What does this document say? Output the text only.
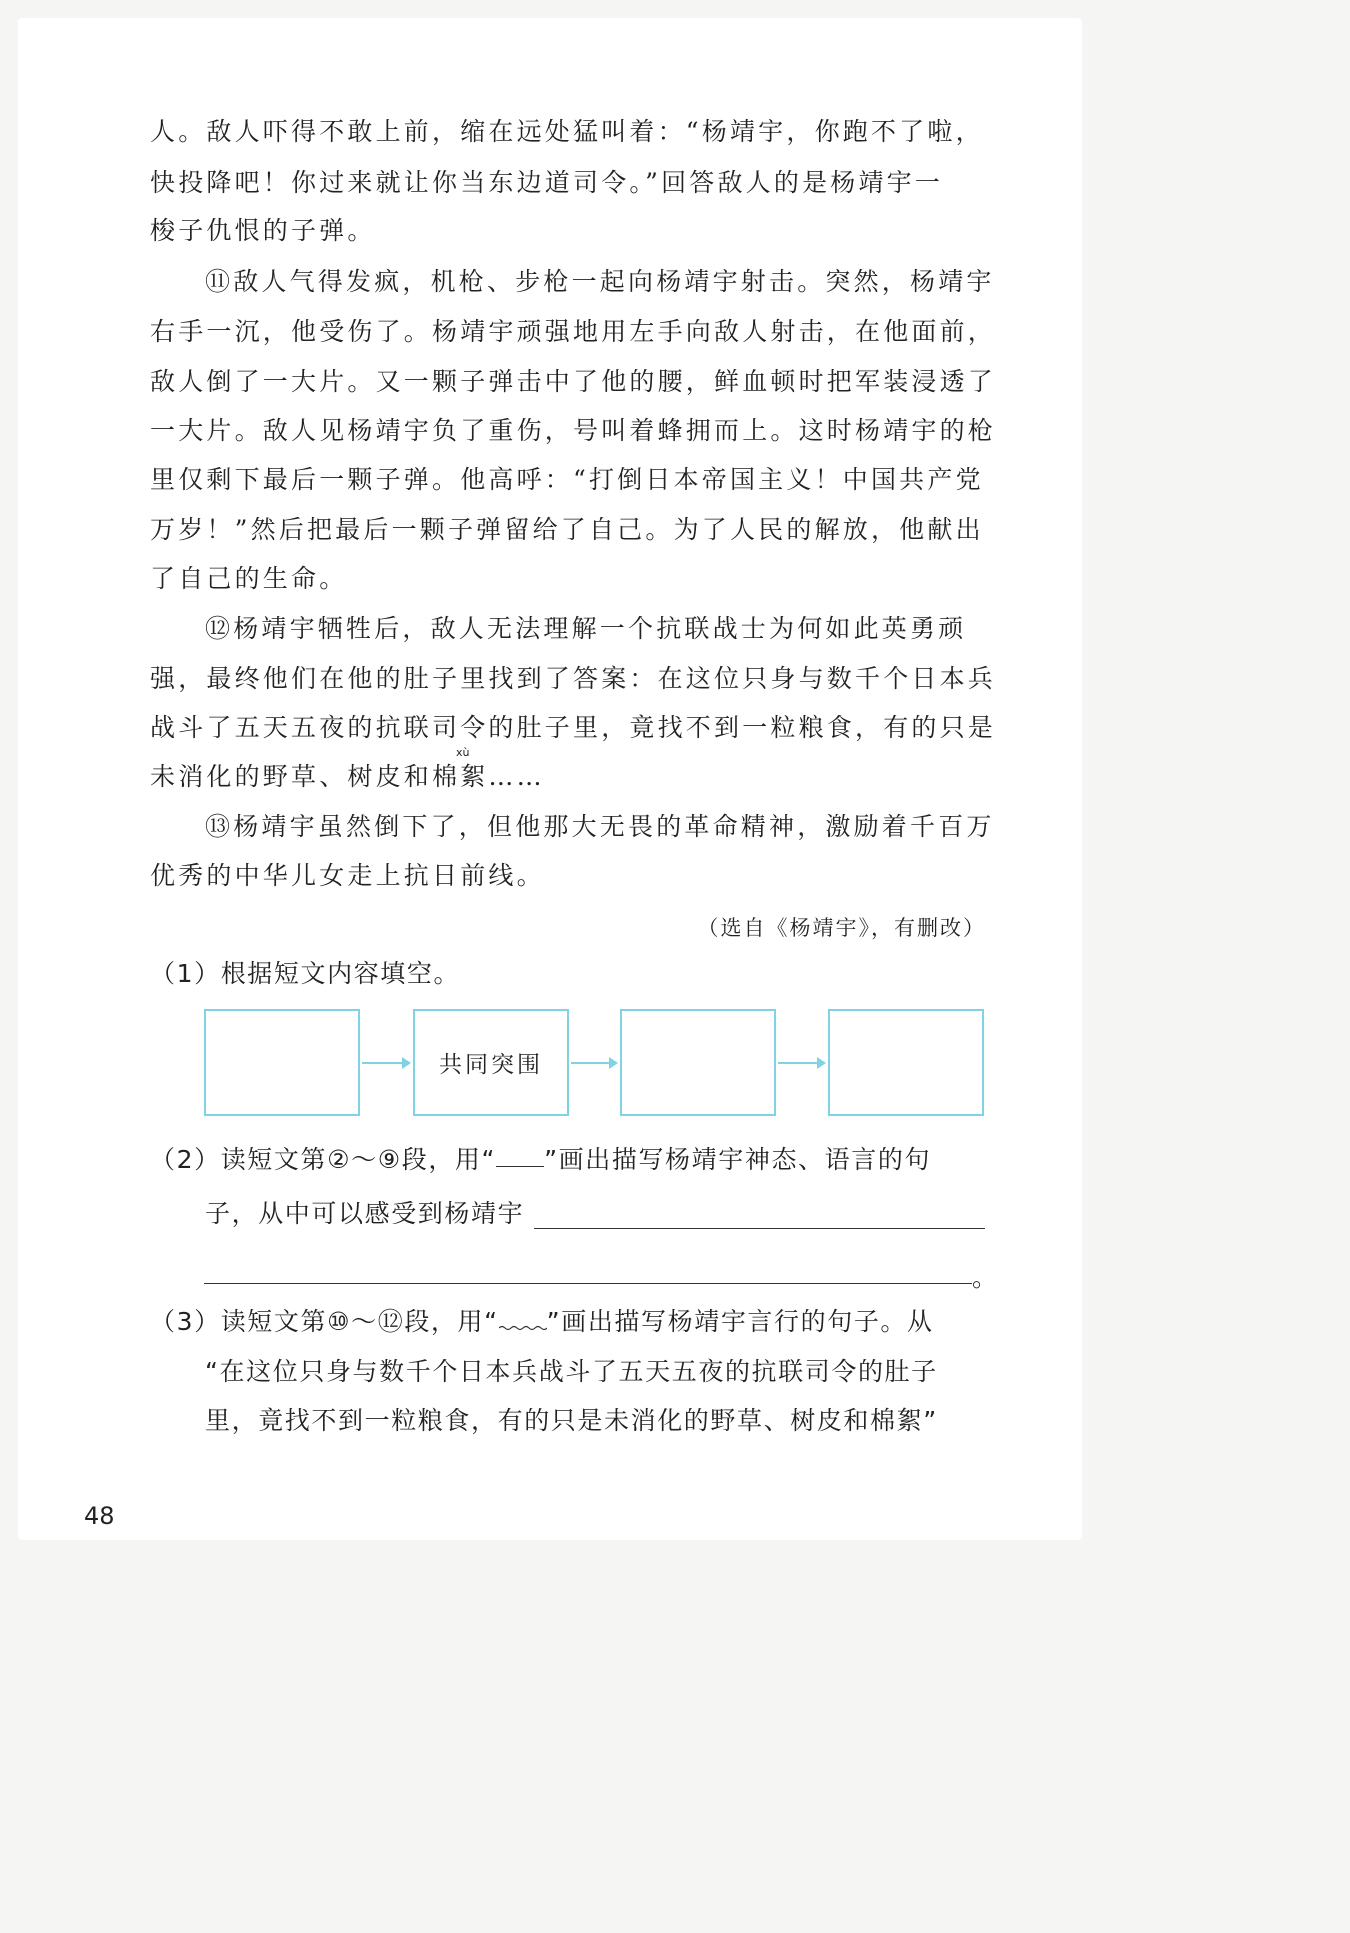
人。敌人吓得不敢上前，缩在远处猛叫着：“杨靖宇，你跑不了啦，
快投降吧！你过来就让你当东边道司令。”回答敌人的是杨靖宇一
梭子仇恨的子弹。
⑪敌人气得发疯，机枪、步枪一起向杨靖宇射击。突然，杨靖宇
右手一沉，他受伤了。杨靖宇顽强地用左手向敌人射击，在他面前，
敌人倒了一大片。又一颗子弹击中了他的腰，鲜血顿时把军装浸透了
一大片。敌人见杨靖宇负了重伤，号叫着蜂拥而上。这时杨靖宇的枪
里仅剩下最后一颗子弹。他高呼：“打倒日本帝国主义！中国共产党
万岁！”然后把最后一颗子弹留给了自己。为了人民的解放，他献出
了自己的生命。
⑫杨靖宇牺牲后，敌人无法理解一个抗联战士为何如此英勇顽
强，最终他们在他的肚子里找到了答案：在这位只身与数千个日本兵
战斗了五天五夜的抗联司令的肚子里，竟找不到一粒粮食，有的只是
xù
未消化的野草、树皮和棉絮……
⑬杨靖宇虽然倒下了，但他那大无畏的革命精神，激励着千百万
优秀的中华儿女走上抗日前线。
（选自《杨靖宇》，有删改）
（1）根据短文内容填空。
共同突围
（2）读短文第②～⑨段，用“ ”画出描写杨靖宇神态、语言的句
子，从中可以感受到杨靖宇
。
（3）读短文第⑩～⑫段，用“ ”画出描写杨靖宇言行的句子。从
“在这位只身与数千个日本兵战斗了五天五夜的抗联司令的肚子
里，竟找不到一粒粮食，有的只是未消化的野草、树皮和棉絮”
48
